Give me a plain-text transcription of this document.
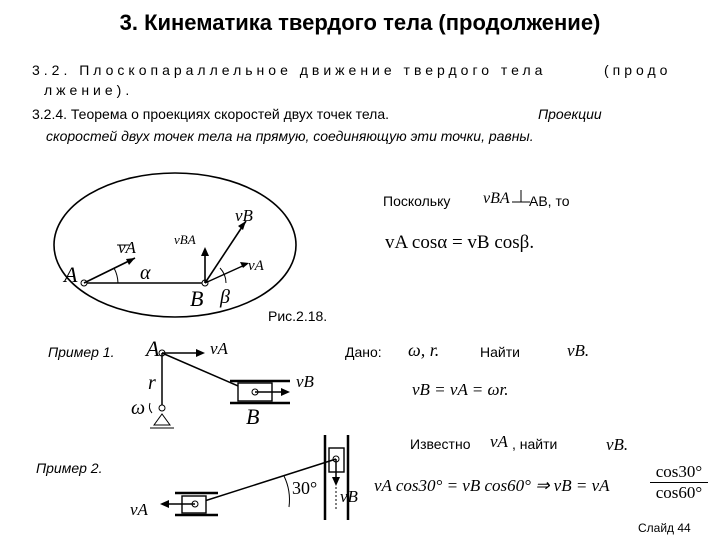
3. Кинематика твердого тела (продолжение)
3.2. Плоскопараллельное движение твердого тела	(продо
лжение).
3.2.4. Теорема о проекциях скоростей двух точек тела.	Проекции
скоростей двух точек тела на прямую, соединяющую эти точки, равны.
vB
vBA
vA
vA
A	α
B β
Поскольку vBA AB, то
vA cosα = vB cosβ.
Рис.2.18.
Пример 1. A	vA
r
ω
vB
B
Дано: ω, r.	Найти	vB.
vB = vA = ωr.
Известно vA , найти	vB.
Пример 2.
vA
vB
30°	vA cos30° = vB cos60° ⇒ vB = vA $\frac{\cos 30^\circ}{\cos 60^\circ}$
Слайд 44
